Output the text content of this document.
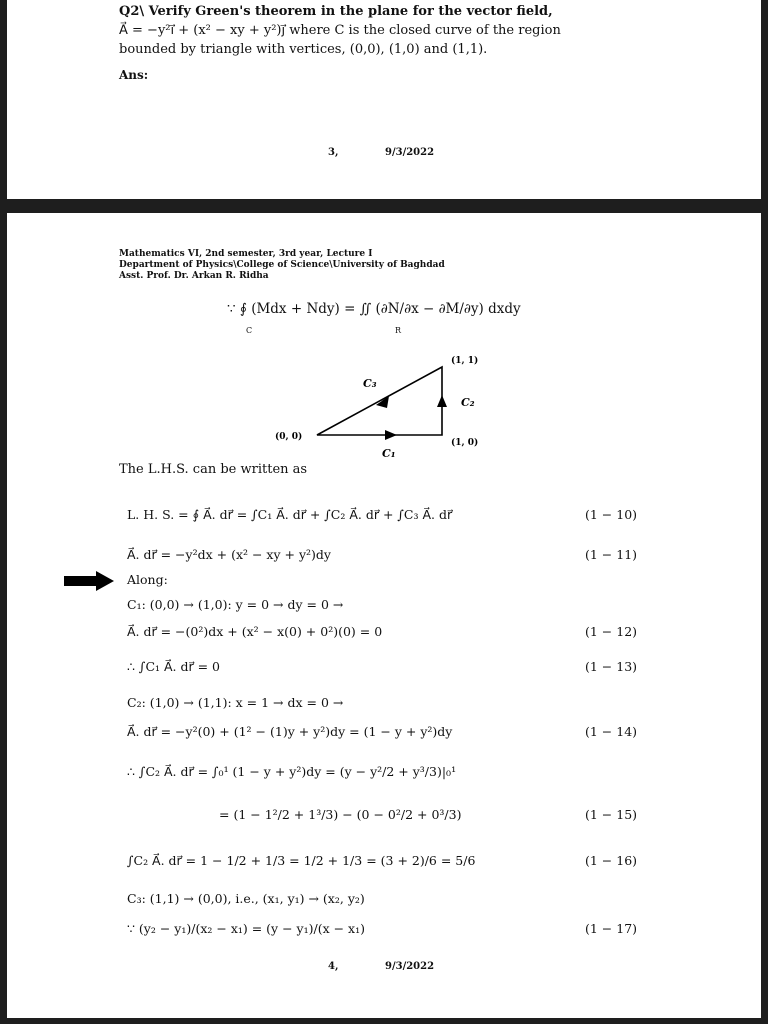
Q2\ Verify Green's theorem in the plane for the vector field,
A⃗ = −y²ı⃗ + (x² − xy + y²)ȷ⃗ where C is the closed curve of the region
bounded by triangle with vertices, (0,0), (1,0) and (1,1).
Ans:
3,	9/3/2022
Mathematics VI, 2nd semester, 3rd year, Lecture I
Department of Physics\College of Science\University of Baghdad
Asst. Prof. Dr. Arkan R. Ridha
∵ ∮ (Mdx + Ndy) = ∬ (∂N/∂x − ∂M/∂y) dxdy
C	R
(0, 0)
(1, 0)
(1, 1)
C₁
C₂
C₃
The L.H.S. can be written as
L. H. S. = ∮ A⃗. dr⃗ = ∫C₁ A⃗. dr⃗ + ∫C₂ A⃗. dr⃗ + ∫C₃ A⃗. dr⃗	(1 − 10)
A⃗. dr⃗ = −y²dx + (x² − xy + y²)dy	(1 − 11)
Along:
C₁: (0,0) → (1,0): y = 0 → dy = 0 →
A⃗. dr⃗ = −(0²)dx + (x² − x(0) + 0²)(0) = 0	(1 − 12)
∴ ∫C₁ A⃗. dr⃗ = 0	(1 − 13)
C₂: (1,0) → (1,1): x = 1 → dx = 0 →
A⃗. dr⃗ = −y²(0) + (1² − (1)y + y²)dy = (1 − y + y²)dy	(1 − 14)
∴ ∫C₂ A⃗. dr⃗ = ∫₀¹ (1 − y + y²)dy = (y − y²/2 + y³/3)|₀¹
= (1 − 1²/2 + 1³/3) − (0 − 0²/2 + 0³/3)	(1 − 15)
∫C₂ A⃗. dr⃗ = 1 − 1/2 + 1/3 = 1/2 + 1/3 = (3 + 2)/6 = 5/6	(1 − 16)
C₃: (1,1) → (0,0), i.e., (x₁, y₁) → (x₂, y₂)
∵ (y₂ − y₁)/(x₂ − x₁) = (y − y₁)/(x − x₁)	(1 − 17)
4,	9/3/2022
